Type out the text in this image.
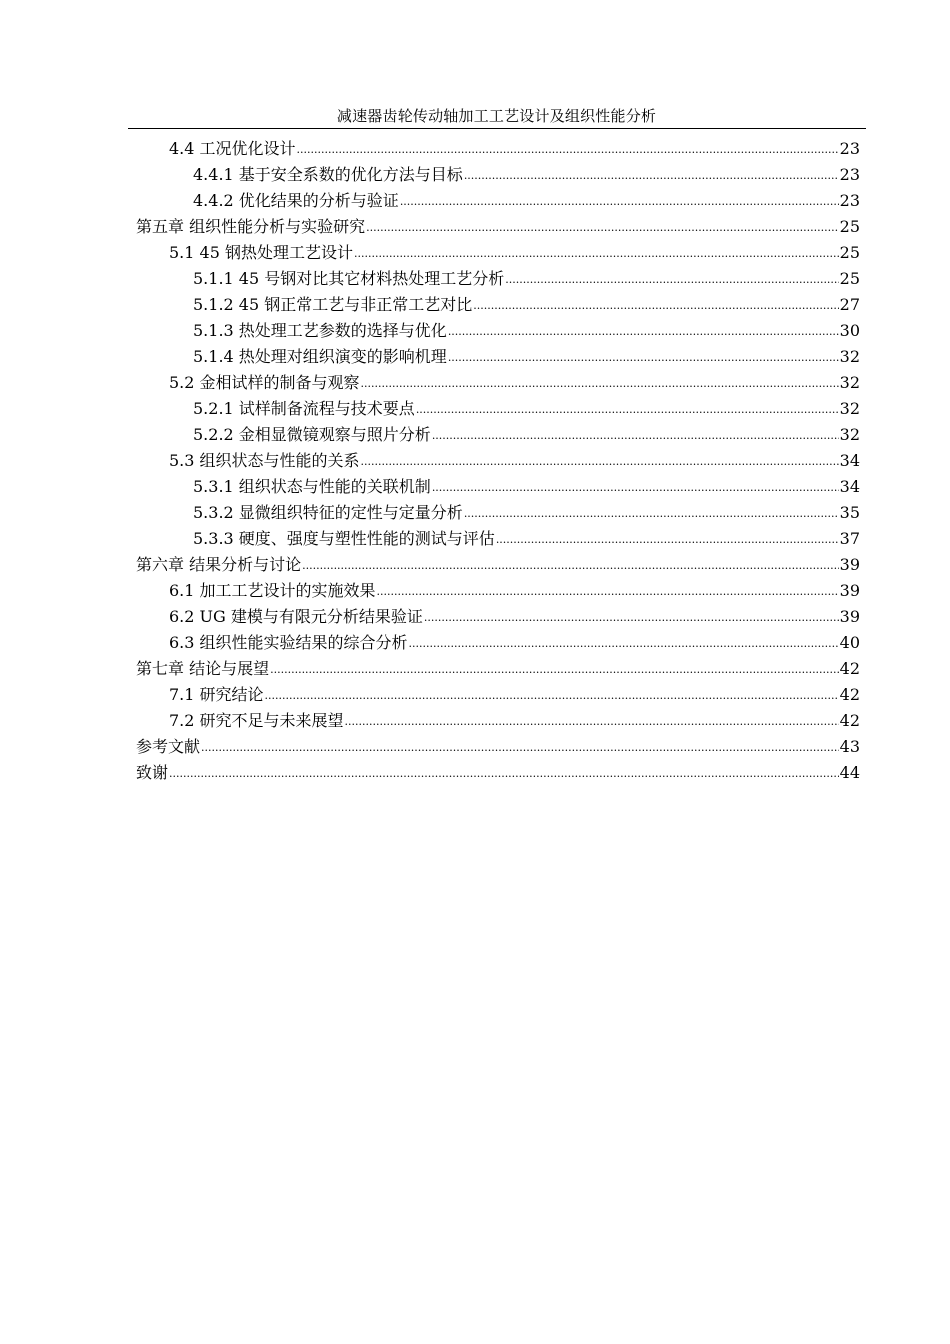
减速器齿轮传动轴加工工艺设计及组织性能分析
4.4 工况优化设计 .....	23
4.4.1 基于安全系数的优化方法与目标 .....	23
4.4.2 优化结果的分析与验证 .....	23
第五章 组织性能分析与实验研究 .....	25
5.1 45 钢热处理工艺设计 .....	25
5.1.1 45 号钢对比其它材料热处理工艺分析 .....	25
5.1.2 45 钢正常工艺与非正常工艺对比 .....	27
5.1.3 热处理工艺参数的选择与优化 .....	30
5.1.4 热处理对组织演变的影响机理 .....	32
5.2 金相试样的制备与观察 .....	32
5.2.1 试样制备流程与技术要点 .....	32
5.2.2 金相显微镜观察与照片分析 .....	32
5.3 组织状态与性能的关系 .....	34
5.3.1 组织状态与性能的关联机制 .....	34
5.3.2 显微组织特征的定性与定量分析 .....	35
5.3.3 硬度、强度与塑性性能的测试与评估 .....	37
第六章 结果分析与讨论 .....	39
6.1 加工工艺设计的实施效果 .....	39
6.2 UG 建模与有限元分析结果验证 .....	39
6.3 组织性能实验结果的综合分析 .....	40
第七章 结论与展望 .....	42
7.1 研究结论 .....	42
7.2 研究不足与未来展望 .....	42
参考文献 .....	43
致谢 .....	44
